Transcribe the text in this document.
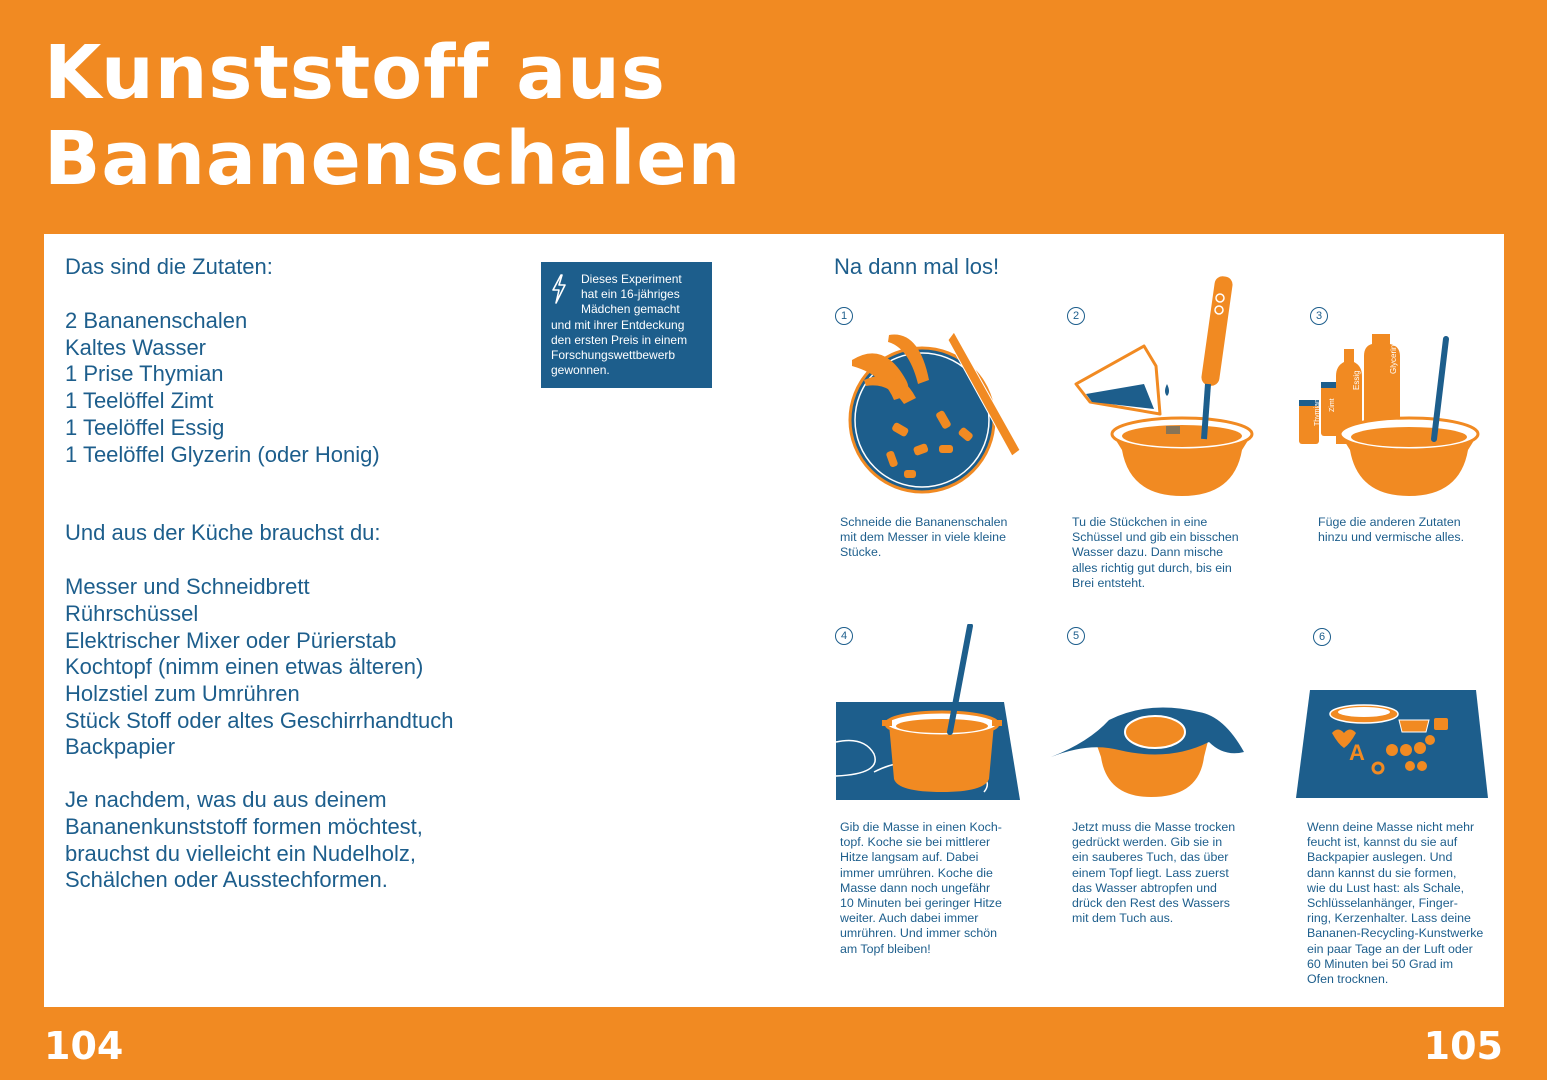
Kunststoff aus
Bananenschalen
Das sind die Zutaten:
2 Bananenschalen
Kaltes Wasser
1 Prise Thymian
1 Teelöffel Zimt
1 Teelöffel Essig
1 Teelöffel Glyzerin (oder Honig)
Und aus der Küche brauchst du:
Messer und Schneidbrett
Rührschüssel
Elektrischer Mixer oder Pürierstab
Kochtopf (nimm einen etwas älteren)
Holzstiel zum Umrühren
Stück Stoff oder altes Geschirrhandtuch
Backpapier

Je nachdem, was du aus deinem
Bananenkunststoff formen möchtest,
brauchst du vielleicht ein Nudelholz,
Schälchen oder Ausstechformen.

Dieses Experiment
hat ein 16-jähriges
Mädchen gemacht
und mit ihrer Entdeckung
den ersten Preis in einem
Forschungswettbewerb
gewonnen.
Na dann mal los!
1
Schneide die Bananenschalen
mit dem Messer in viele kleine
Stücke.
2
Tu die Stückchen in eine
Schüssel und gib ein bisschen
Wasser dazu. Dann mische
alles richtig gut durch, bis ein
Brei entsteht.
3
Thymian Zimt
Essig
Glycerin
Füge die anderen Zutaten
hinzu und vermische alles.
4
Gib die Masse in einen Koch-
topf. Koche sie bei mittlerer
Hitze langsam auf. Dabei
immer umrühren. Koche die
Masse dann noch ungefähr
10 Minuten bei geringer Hitze
weiter. Auch dabei immer
umrühren. Und immer schön
am Topf bleiben!
5
Jetzt muss die Masse trocken
gedrückt werden. Gib sie in
ein sauberes Tuch, das über
einem Topf liegt. Lass zuerst
das Wasser abtropfen und
drück den Rest des Wassers
mit dem Tuch aus.
6
A
Wenn deine Masse nicht mehr
feucht ist, kannst du sie auf
Backpapier auslegen. Und
dann kannst du sie formen,
wie du Lust hast: als Schale,
Schlüsselanhänger, Finger-
ring, Kerzenhalter. Lass deine
Bananen-Recycling-Kunstwerke
ein paar Tage an der Luft oder
60 Minuten bei 50 Grad im
Ofen trocknen.
104	105
